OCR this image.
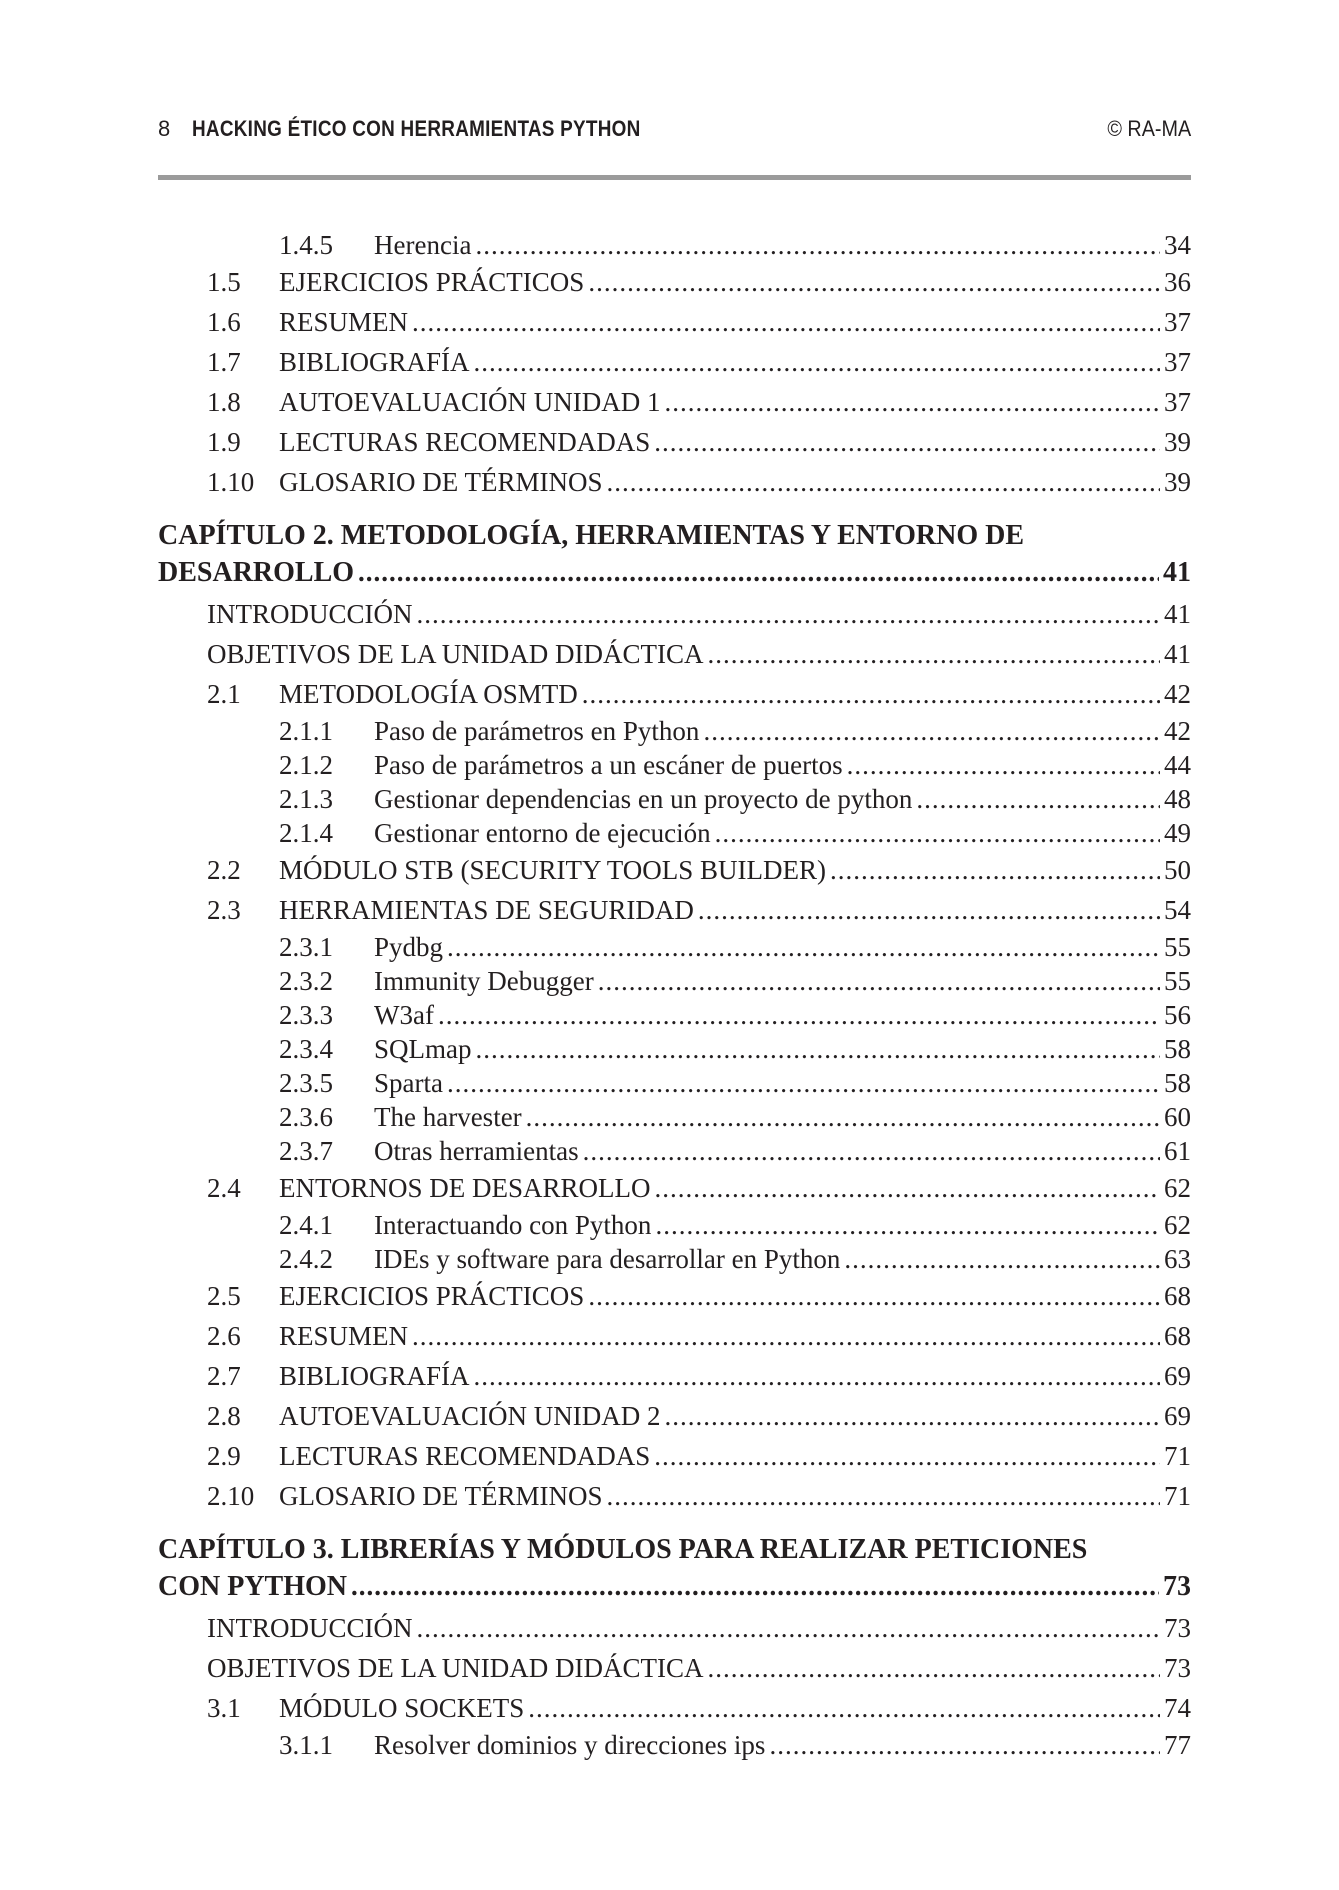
8 HACKING ÉTICO CON HERRAMIENTAS PYTHON	© RA-MA
1.4.5	Herencia .....	34
1.5	EJERCICIOS PRÁCTICOS .....	36
1.6	RESUMEN .....	37
1.7	BIBLIOGRAFÍA .....	37
1.8	AUTOEVALUACIÓN UNIDAD 1 .....	37
1.9	LECTURAS RECOMENDADAS .....	39
1.10 GLOSARIO DE TÉRMINOS .....	39
CAPÍTULO 2. METODOLOGÍA, HERRAMIENTAS Y ENTORNO DE
DESARROLLO .....	41
INTRODUCCIÓN .....	41
OBJETIVOS DE LA UNIDAD DIDÁCTICA .....	41
2.1	METODOLOGÍA OSMTD .....	42
2.1.1	Paso de parámetros en Python .....	42
2.1.2	Paso de parámetros a un escáner de puertos .....	44
2.1.3	Gestionar dependencias en un proyecto de python .....	48
2.1.4	Gestionar entorno de ejecución .....	49
2.2	MÓDULO STB (SECURITY TOOLS BUILDER) .....	50
2.3	HERRAMIENTAS DE SEGURIDAD .....	54
2.3.1	Pydbg .....	55
2.3.2	Immunity Debugger .....	55
2.3.3	W3af .....	56
2.3.4	SQLmap .....	58
2.3.5	Sparta .....	58
2.3.6	The harvester .....	60
2.3.7	Otras herramientas .....	61
2.4	ENTORNOS DE DESARROLLO .....	62
2.4.1	Interactuando con Python .....	62
2.4.2	IDEs y software para desarrollar en Python .....	63
2.5	EJERCICIOS PRÁCTICOS .....	68
2.6	RESUMEN .....	68
2.7	BIBLIOGRAFÍA .....	69
2.8	AUTOEVALUACIÓN UNIDAD 2 .....	69
2.9	LECTURAS RECOMENDADAS .....	71
2.10 GLOSARIO DE TÉRMINOS .....	71
CAPÍTULO 3. LIBRERÍAS Y MÓDULOS PARA REALIZAR PETICIONES
CON PYTHON .....	73
INTRODUCCIÓN .....	73
OBJETIVOS DE LA UNIDAD DIDÁCTICA .....	73
3.1	MÓDULO SOCKETS .....	74
3.1.1	Resolver dominios y direcciones ips .....	77
